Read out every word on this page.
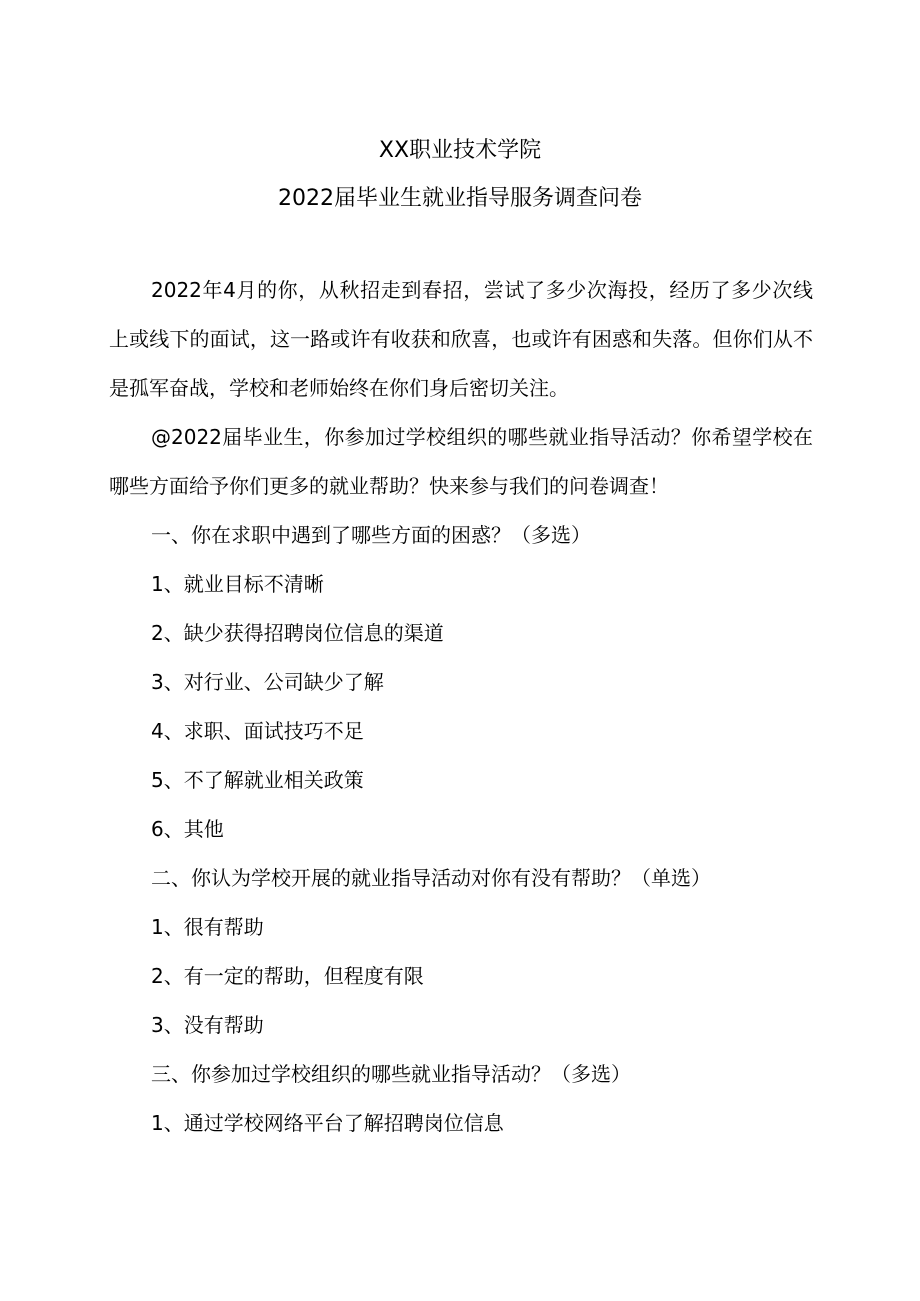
XX职业技术学院
2022届毕业生就业指导服务调查问卷
2022年4月的你，从秋招走到春招，尝试了多少次海投，经历了多少次线上或线下的面试，这一路或许有收获和欣喜，也或许有困惑和失落。但你们从不是孤军奋战，学校和老师始终在你们身后密切关注。
@2022届毕业生，你参加过学校组织的哪些就业指导活动？你希望学校在哪些方面给予你们更多的就业帮助？快来参与我们的问卷调查！
一、你在求职中遇到了哪些方面的困惑？（多选）
1、就业目标不清晰
2、缺少获得招聘岗位信息的渠道
3、对行业、公司缺少了解
4、求职、面试技巧不足
5、不了解就业相关政策
6、其他
二、你认为学校开展的就业指导活动对你有没有帮助？（单选）
1、很有帮助
2、有一定的帮助，但程度有限
3、没有帮助
三、你参加过学校组织的哪些就业指导活动？（多选）
1、通过学校网络平台了解招聘岗位信息
